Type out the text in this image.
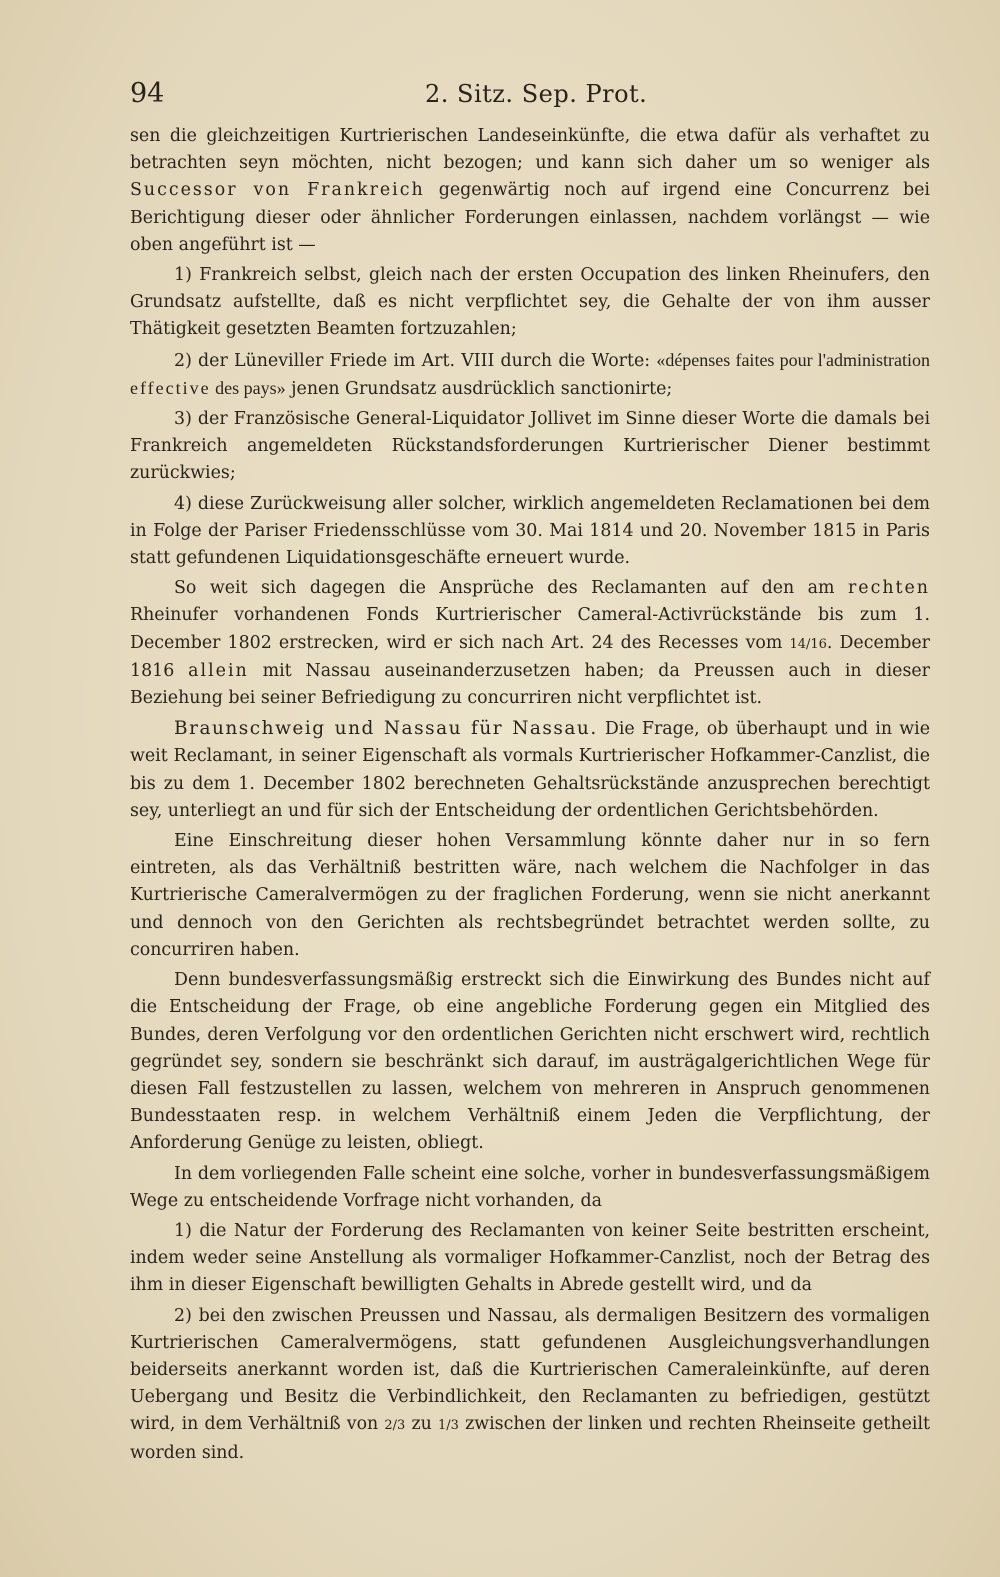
94	2. Sitz. Sep. Prot.

sen die gleichzeitigen Kurtrierischen Landeseinkünfte, die etwa dafür als verhaftet zu betrachten seyn möchten, nicht bezogen; und kann sich daher um so weniger als Successor von Frankreich gegenwärtig noch auf irgend eine Concurrenz bei Berichtigung dieser oder ähnlicher Forderungen einlassen, nachdem vorlängst — wie oben angeführt ist —

1) Frankreich selbst, gleich nach der ersten Occupation des linken Rheinufers, den Grundsatz aufstellte, daß es nicht verpflichtet sey, die Gehalte der von ihm ausser Thätigkeit gesetzten Beamten fortzuzahlen;

2) der Lüneviller Friede im Art. VIII durch die Worte: «dépenses faites pour l'administration effective des pays» jenen Grundsatz ausdrücklich sanctionirte;

3) der Französische General-Liquidator Jollivet im Sinne dieser Worte die damals bei Frankreich angemeldeten Rückstandsforderungen Kurtrierischer Diener bestimmt zurückwies;

4) diese Zurückweisung aller solcher, wirklich angemeldeten Reclamationen bei dem in Folge der Pariser Friedensschlüsse vom 30. Mai 1814 und 20. November 1815 in Paris statt gefundenen Liquidationsgeschäfte erneuert wurde.

So weit sich dagegen die Ansprüche des Reclamanten auf den am rechten Rheinufer vorhandenen Fonds Kurtrierischer Cameral-Activrückstände bis zum 1. December 1802 erstrecken, wird er sich nach Art. 24 des Recesses vom 14/16. December 1816 allein mit Nassau auseinanderzusetzen haben; da Preussen auch in dieser Beziehung bei seiner Befriedigung zu concurriren nicht verpflichtet ist.

Braunschweig und Nassau für Nassau. Die Frage, ob überhaupt und in wie weit Reclamant, in seiner Eigenschaft als vormals Kurtrierischer Hofkammer-Canzlist, die bis zu dem 1. December 1802 berechneten Gehaltsrückstände anzusprechen berechtigt sey, unterliegt an und für sich der Entscheidung der ordentlichen Gerichtsbehörden.

Eine Einschreitung dieser hohen Versammlung könnte daher nur in so fern eintreten, als das Verhältniß bestritten wäre, nach welchem die Nachfolger in das Kurtrierische Cameralvermögen zu der fraglichen Forderung, wenn sie nicht anerkannt und dennoch von den Gerichten als rechtsbegründet betrachtet werden sollte, zu concurriren haben.

Denn bundesverfassungsmäßig erstreckt sich die Einwirkung des Bundes nicht auf die Entscheidung der Frage, ob eine angebliche Forderung gegen ein Mitglied des Bundes, deren Verfolgung vor den ordentlichen Gerichten nicht erschwert wird, rechtlich gegründet sey, sondern sie beschränkt sich darauf, im austrägalgerichtlichen Wege für diesen Fall festzustellen zu lassen, welchem von mehreren in Anspruch genommenen Bundesstaaten resp. in welchem Verhältniß einem Jeden die Verpflichtung, der Anforderung Genüge zu leisten, obliegt.

In dem vorliegenden Falle scheint eine solche, vorher in bundesverfassungsmäßigem Wege zu entscheidende Vorfrage nicht vorhanden, da

1) die Natur der Forderung des Reclamanten von keiner Seite bestritten erscheint, indem weder seine Anstellung als vormaliger Hofkammer-Canzlist, noch der Betrag des ihm in dieser Eigenschaft bewilligten Gehalts in Abrede gestellt wird, und da

2) bei den zwischen Preussen und Nassau, als dermaligen Besitzern des vormaligen Kurtrierischen Cameralvermögens, statt gefundenen Ausgleichungsverhandlungen beiderseits anerkannt worden ist, daß die Kurtrierischen Cameraleinkünfte, auf deren Uebergang und Besitz die Verbindlichkeit, den Reclamanten zu befriedigen, gestützt wird, in dem Verhältniß von 2/3 zu 1/3 zwischen der linken und rechten Rheinseite getheilt worden sind.
